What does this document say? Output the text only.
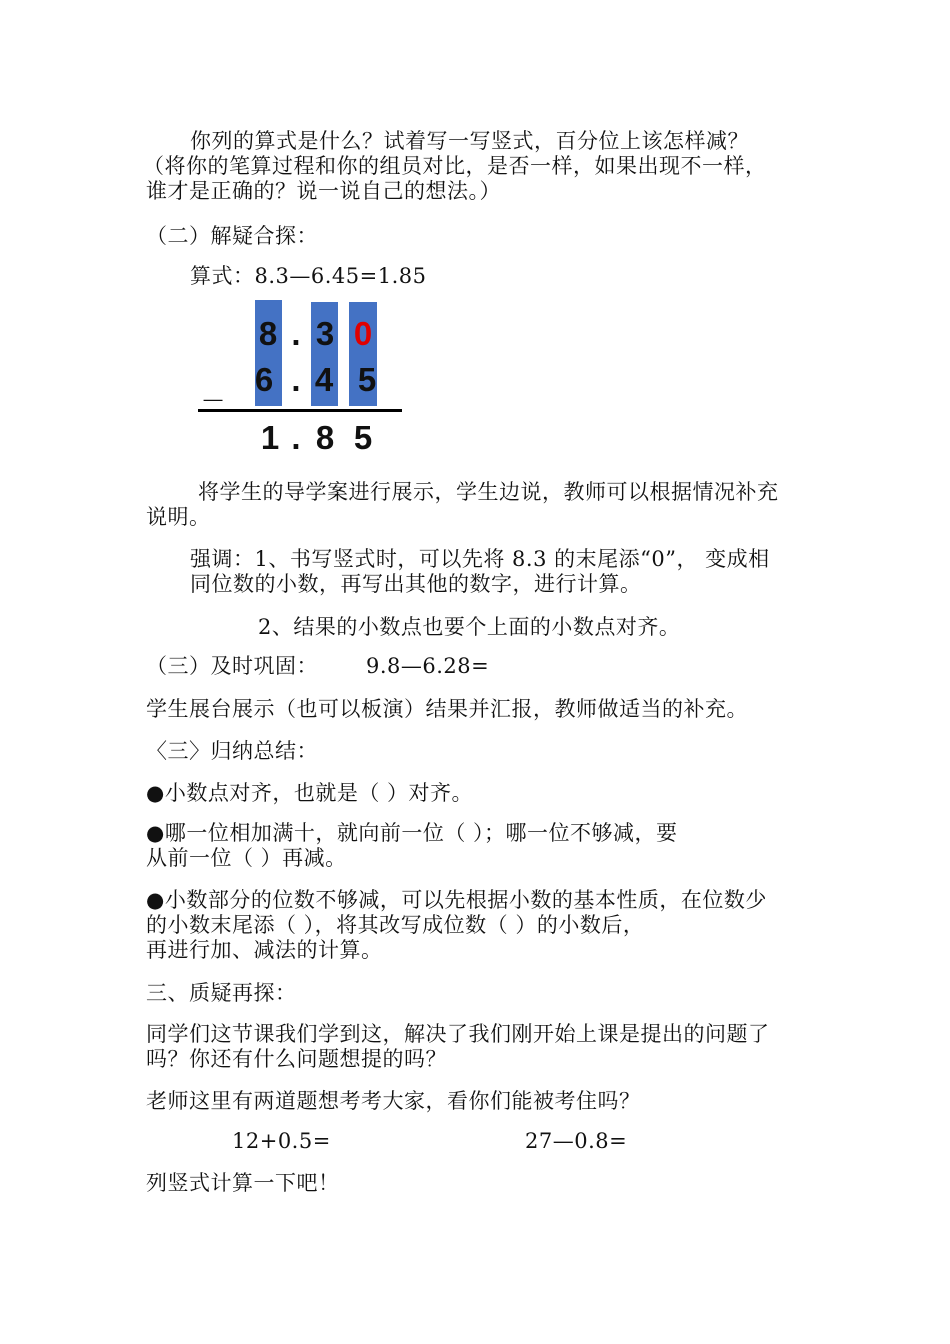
你列的算式是什么？试着写一写竖式，百分位上该怎样减？
（将你的笔算过程和你的组员对比，是否一样，如果出现不一样，
谁才是正确的？说一说自己的想法。）
（二）解疑合探：
算式：8.3—6.45=1.85
8 . 3 0
_ 6 . 4 5
1 . 8 5
将学生的导学案进行展示，学生边说，教师可以根据情况补充
说明。
强调：1、书写竖式时，可以先将 8.3 的末尾添“0”， 变成相
同位数的小数，再写出其他的数字，进行计算。
2、结果的小数点也要个上面的小数点对齐。
（三）及时巩固： 9.8—6.28=
学生展台展示（也可以板演）结果并汇报，教师做适当的补充。
〈三〉归纳总结：
●小数点对齐，也就是（ ）对齐。
●哪一位相加满十，就向前一位（ ）；哪一位不够减，要
从前一位（ ）再减。
●小数部分的位数不够减，可以先根据小数的基本性质，在位数少
的小数末尾添（ ），将其改写成位数（ ）的小数后，
再进行加、减法的计算。
三、质疑再探：
同学们这节课我们学到这，解决了我们刚开始上课是提出的问题了
吗？你还有什么问题想提的吗？
老师这里有两道题想考考大家，看你们能被考住吗？
12+0.5=	27—0.8=
列竖式计算一下吧！
